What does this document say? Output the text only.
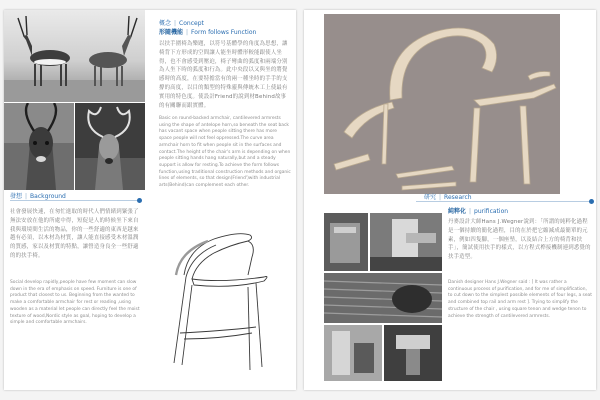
概念 | Concept
形隨機能 | Form follows Function

以扶手圍椅為樂題，以符号基體學的角度為思想，讓椅背下方形成的空間讓人能坐時體形較能跟使人坐得，也不會感受到壓迫，椅子彎曲的弧度和兩端分別為人坐下時的弧度和行為。此中央段以又與坐的將覺感時的高度，在要特擔當有的兩一種坐時的手手的支撐的高度，以目的類型的特殊靈與傳統木工上使最有實用的特色度。使設計Friend的說到材Behind故事的有關聯而跟實體。

Basic on round-backed armchair, cantilevered armrests using the shape of antelope horn,so beneath the seat back has vacant space when people sitting there has more space people will not feel oppressed.The curve area armchair horn to fit when people sit in the surfaces and contact.The height of the chair's arm is depending on when people sitting hands hang naturally,but and a steady support is allow for resting.To achieve the form follows function,using traditional construction methods and organic lines of elements, so that design(Friend')with industrial arts(Behind)can complement each other.

發想 | Background

社會發展快速，在匆忙進取的時代人們情緒到緊張了無法安放在他的所處中得，短促是人的時候坐下來自我與環境間生活的物品，你的一些舒適的東西是越來越有必須，以木材為材質，讓人能直接感受木材溫潤的質感，家以及材質的特點，讓營造身良全一些舒適的的扶手椅。

Social develop rapidly,people have few moment can slow down in the era of emphasis on speed. Furniture is one of product that closest to us. Beginning from the wanted to make a comfortable armchair for rest or reading ,using wooden as a material let people can directly feel the moist texture of wood,Nordic style as goal, hoping to develop a simple and comfortable armchairs.

研究 | Research
純粹化 | purification

丹麥設計大師Hans J.Wegner說到：「所謂的純粹化過程是一個持續的簡化過程，目的在於把它縮減成最簡單的元素，例如四隻腳，一個座墊，以及結合上方的椅背和扶手」，簡試使用扶手的樣式，以方程式榫接機制連到悉覺的扶手造型。

Danish designer Hans J.Wegner said : [ It was rather a continuous process of purification, and for me of simplification, to cut down to the simplest possible elements of four legs, a seat and combined top rail and arm rest ]. Trying to simplify the structure of the chair , using square tenon and wedge tenon to achieve the strength of cantilevered armrests.
